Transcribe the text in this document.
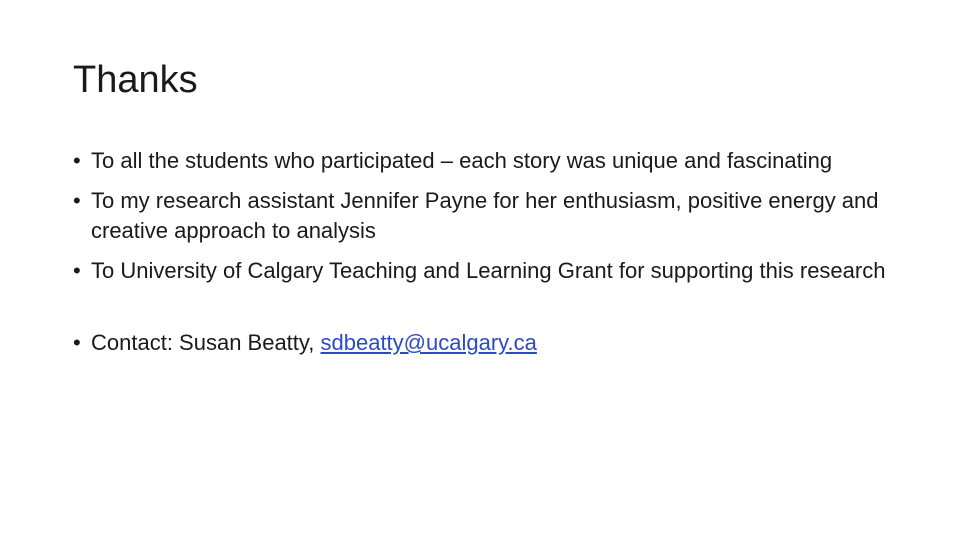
Thanks
• To all the students who participated – each story was unique and fascinating
• To my research assistant Jennifer Payne for her enthusiasm, positive energy and creative approach to analysis
• To University of Calgary Teaching and Learning Grant for supporting this research
• Contact: Susan Beatty, sdbeatty@ucalgary.ca
